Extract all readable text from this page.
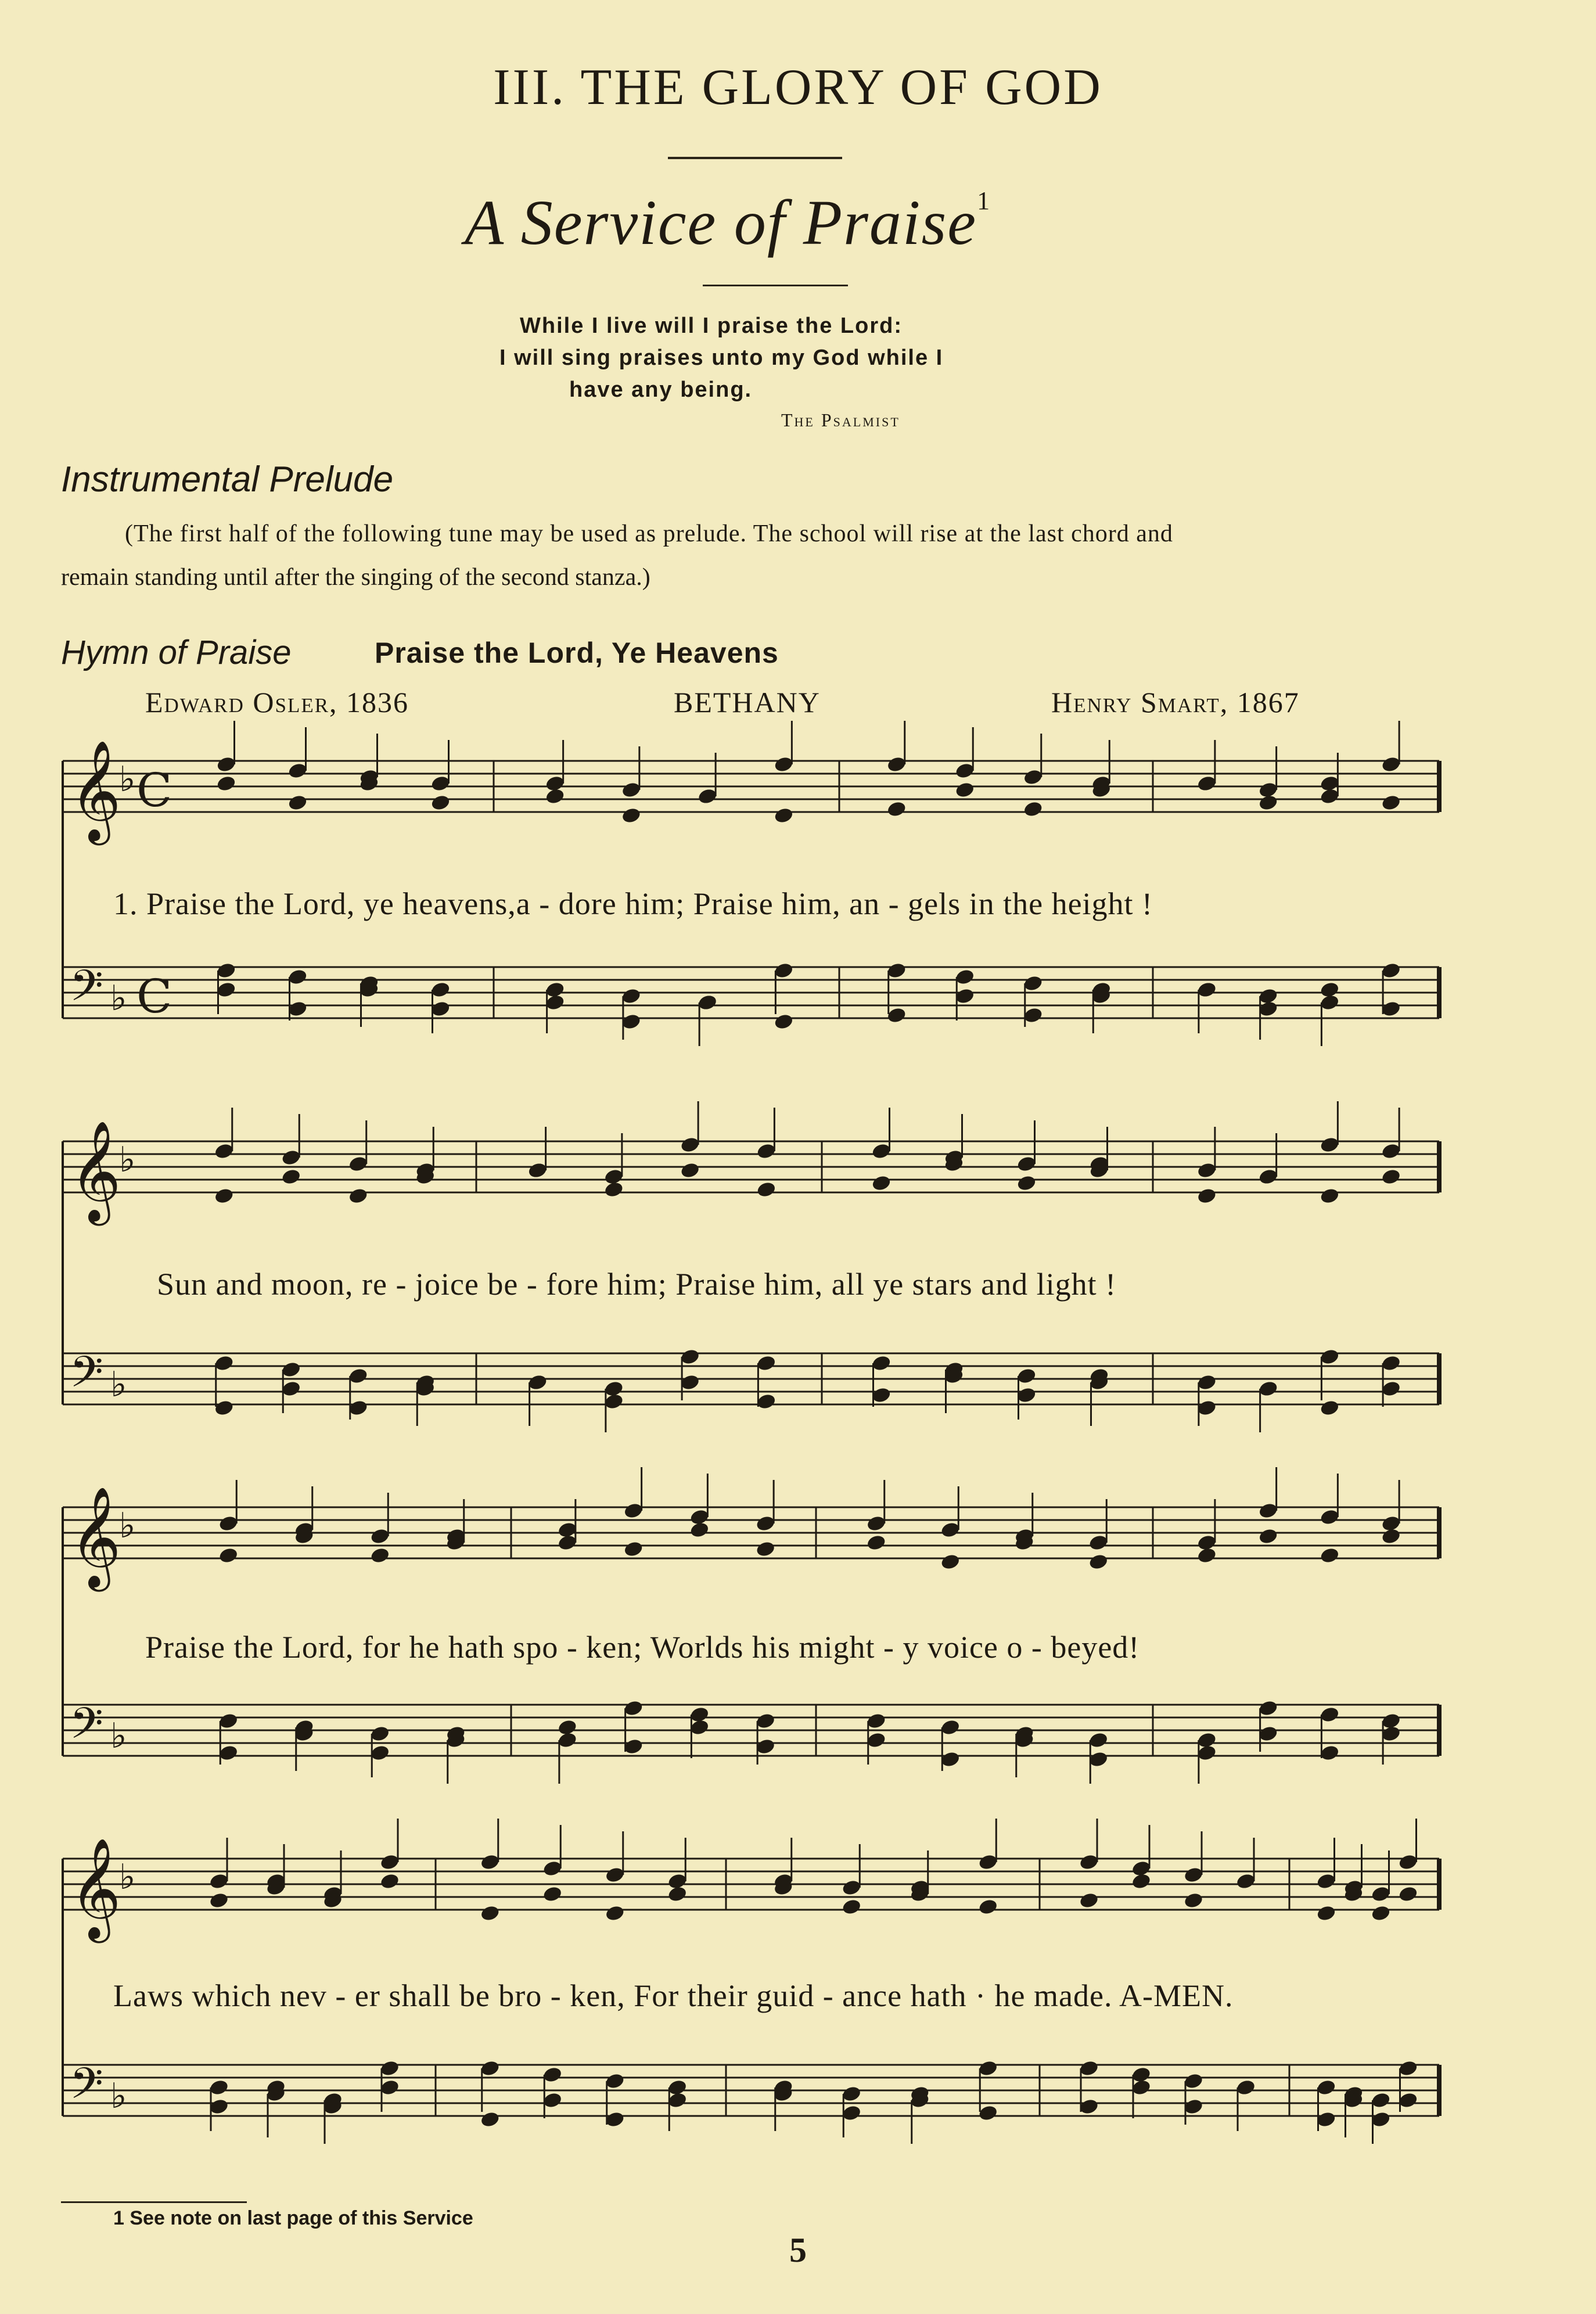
III. THE GLORY OF GOD
A Service of Praise$^1$
While I live will I praise the Lord:
I will sing praises unto my God while I
have any being.
The Psalmist
Instrumental Prelude
(The first half of the following tune may be used as prelude. The school will rise at the last chord and
remain standing until after the singing of the second stanza.)
Hymn of Praise	Praise the Lord, Ye Heavens
Edward Osler, 1836	BETHANY	Henry Smart, 1867
𝄞
♭ C
𝄢 ♭ C
𝄞
♭
𝄢 ♭
𝄞
♭
𝄢 ♭
𝄞
♭
𝄢 ♭
1. Praise the Lord, ye heavens,a - dore him; Praise him, an - gels in the height !
Sun and moon, re - joice be - fore him; Praise him, all ye stars and light !
Praise the Lord, for he hath spo - ken; Worlds his might - y voice o - beyed!
Laws which nev - er shall be bro - ken, For their guid - ance hath · he made. A-MEN.
1 See note on last page of this Service
5
